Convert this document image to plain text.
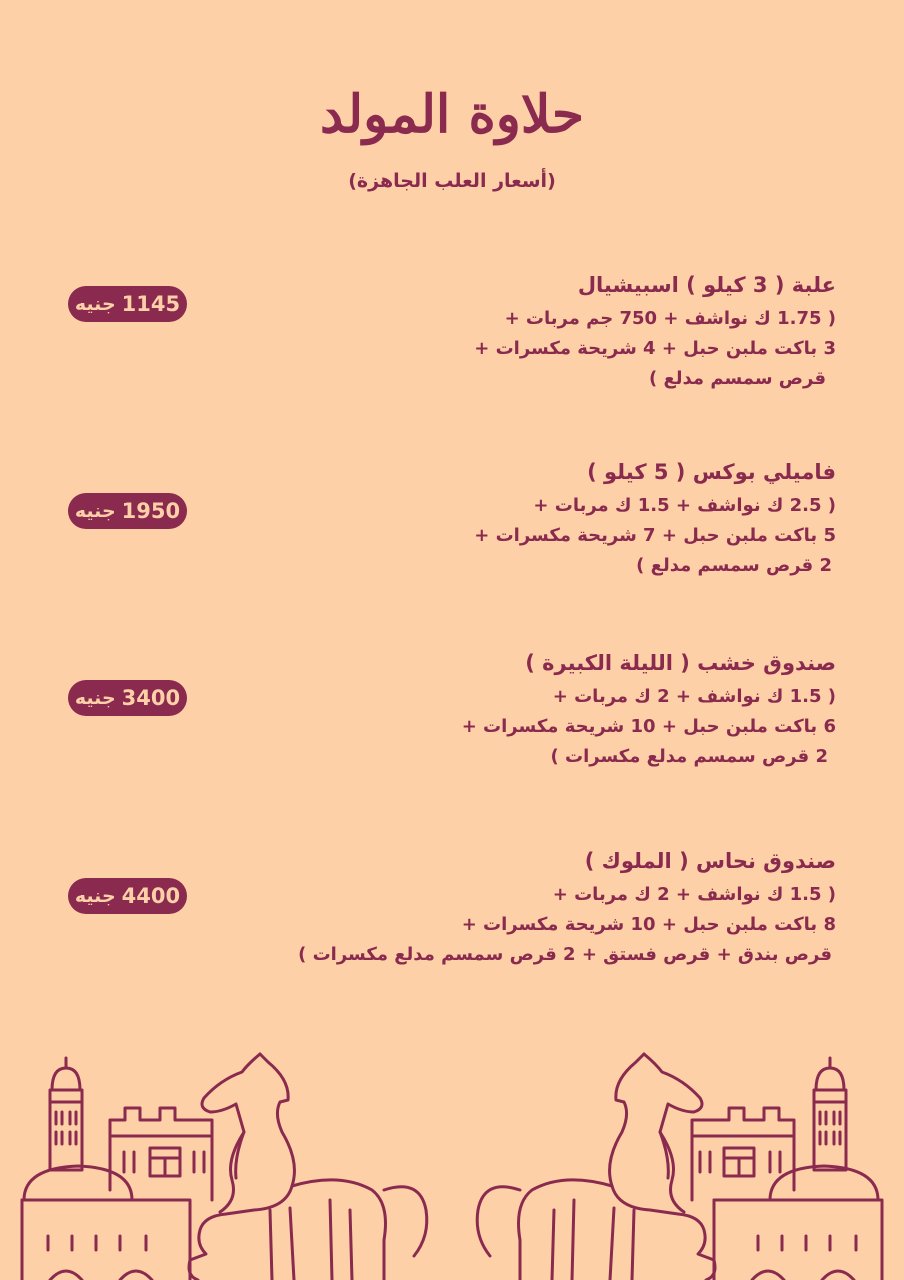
حلاوة المولد
(أسعار العلب الجاهزة)

علبة ( 3 كيلو ) اسبيشيال

( 1.75 ك نواشف + 750 جم مربات +

3 باكت ملبن حبل + 4 شريحة مكسرات +

قرص سمسم مدلع )

1145
جنيه

فاميلي بوكس ( 5 كيلو )

( 2.5 ك نواشف + 1.5 ك مربات +

5 باكت ملبن حبل + 7 شريحة مكسرات +

2 قرص سمسم مدلع )

1950
جنيه

صندوق خشب ( الليلة الكبيرة )

( 1.5 ك نواشف + 2 ك مربات +

6 باكت ملبن حبل + 10 شريحة مكسرات +

2 قرص سمسم مدلع مكسرات )

3400
جنيه

صندوق نحاس ( الملوك )

( 1.5 ك نواشف + 2 ك مربات +

8 باكت ملبن حبل + 10 شريحة مكسرات +

قرص بندق + قرص فستق + 2 قرص سمسم مدلع مكسرات )

4400
جنيه
